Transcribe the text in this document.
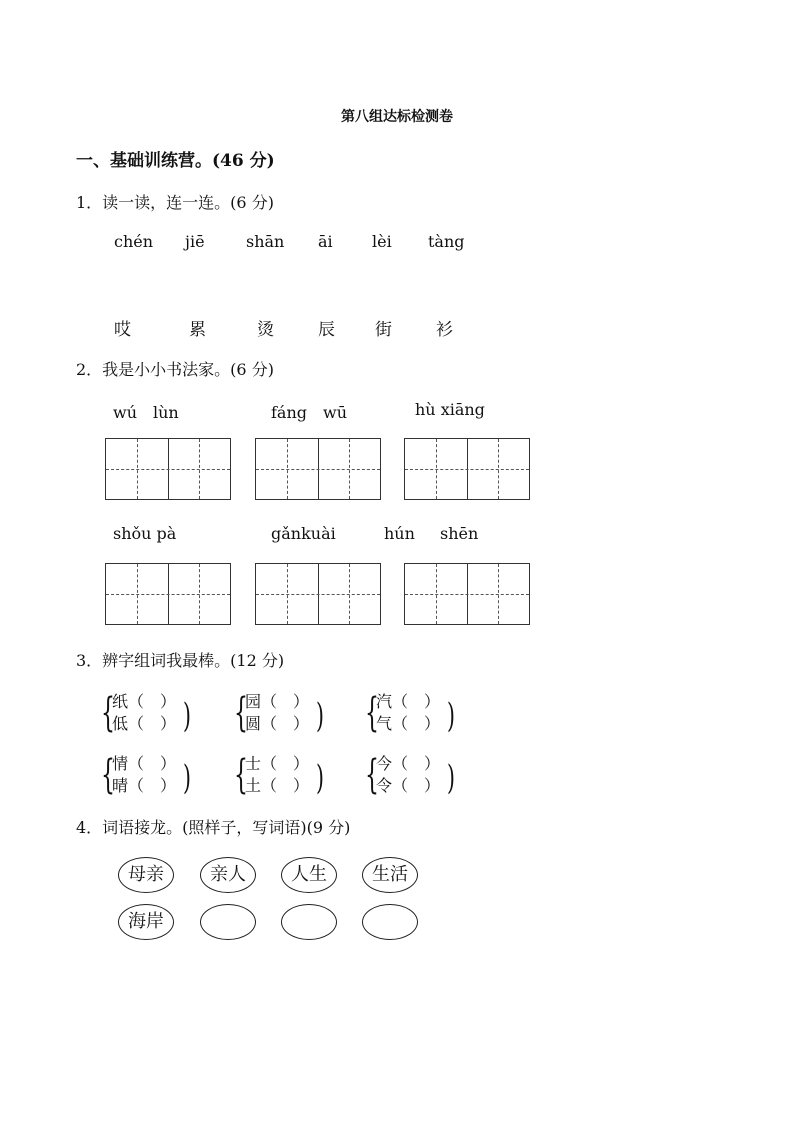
第八组达标检测卷
一、基础训练营。(46 分)
1．读一读，连一连。(6 分)
chén jiē	shān āi lèi tàng
哎	累	烫	辰 街	衫
2．我是小小书法家。(6 分)
wú　lùn	fáng　wū	hù xiāng
shǒu pà	gǎnkuài	hún shēn
3．辨字组词我最棒。(12 分)
{
纸（　）
低（　） ) {
园（　）
圆（　） ) {
汽（　）
气（　） )
{
情（　）
晴（　） ) {
士（　）
土（　） ) {
今（　）
令（　） )
4．词语接龙。(照样子，写词语)(9 分)
母亲	亲人	人生	生活
海岸
